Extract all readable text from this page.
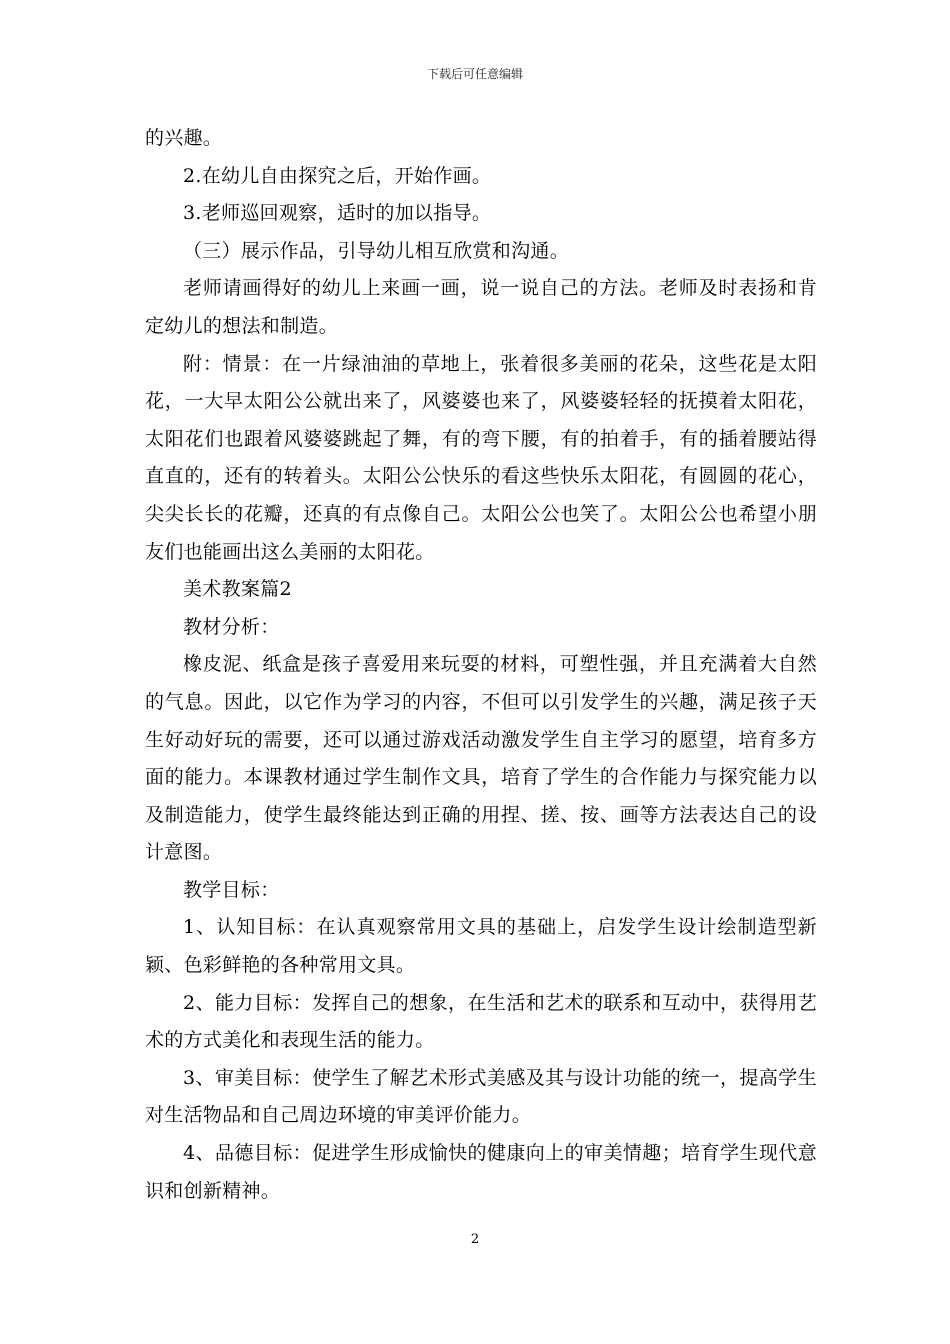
下载后可任意编辑

的兴趣。

2.在幼儿自由探究之后，开始作画。

3.老师巡回观察，适时的加以指导。

（三）展示作品，引导幼儿相互欣赏和沟通。

老师请画得好的幼儿上来画一画，说一说自己的方法。老师及时表扬和肯定幼儿的想法和制造。

附：情景：在一片绿油油的草地上，张着很多美丽的花朵，这些花是太阳花，一大早太阳公公就出来了，风婆婆也来了，风婆婆轻轻的抚摸着太阳花，太阳花们也跟着风婆婆跳起了舞，有的弯下腰，有的拍着手，有的插着腰站得直直的，还有的转着头。太阳公公快乐的看这些快乐太阳花，有圆圆的花心，尖尖长长的花瓣，还真的有点像自己。太阳公公也笑了。太阳公公也希望小朋友们也能画出这么美丽的太阳花。

美术教案篇2

教材分析：

橡皮泥、纸盒是孩子喜爱用来玩耍的材料，可塑性强，并且充满着大自然的气息。因此，以它作为学习的内容，不但可以引发学生的兴趣，满足孩子天生好动好玩的需要，还可以通过游戏活动激发学生自主学习的愿望，培育多方面的能力。本课教材通过学生制作文具，培育了学生的合作能力与探究能力以及制造能力，使学生最终能达到正确的用捏、搓、按、画等方法表达自己的设计意图。

教学目标：

1、认知目标：在认真观察常用文具的基础上，启发学生设计绘制造型新颖、色彩鲜艳的各种常用文具。

2、能力目标：发挥自己的想象，在生活和艺术的联系和互动中，获得用艺术的方式美化和表现生活的能力。

3、审美目标：使学生了解艺术形式美感及其与设计功能的统一，提高学生对生活物品和自己周边环境的审美评价能力。

4、品德目标：促进学生形成愉快的健康向上的审美情趣；培育学生现代意识和创新精神。

2
